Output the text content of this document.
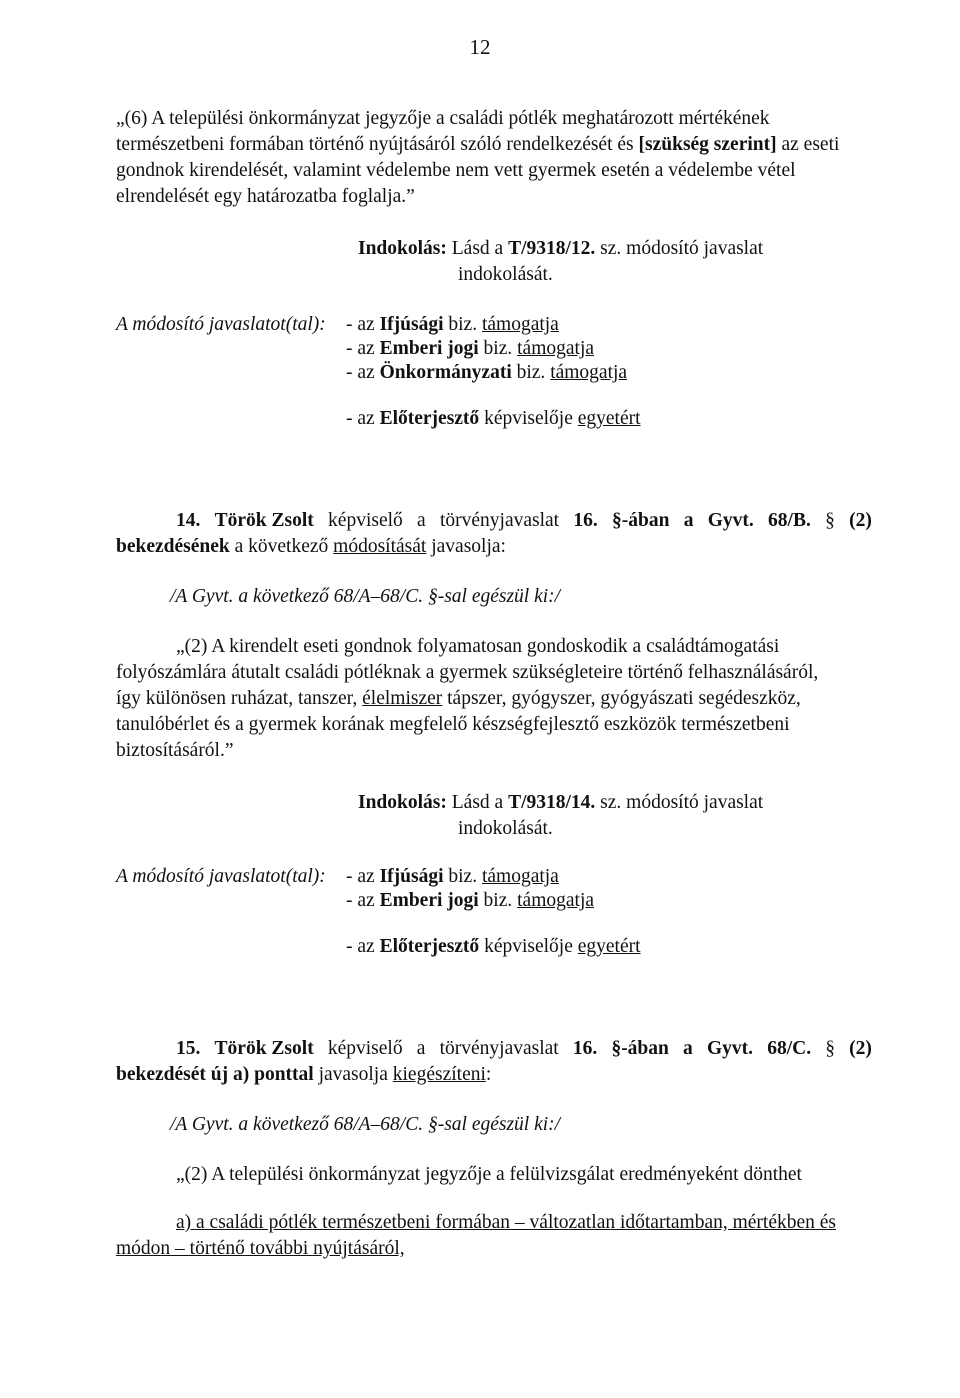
12
„(6) A települési önkormányzat jegyzője a családi pótlék meghatározott mértékének
természetbeni formában történő nyújtásáról szóló rendelkezését és [szükség szerint] az eseti
gondnok kirendelését, valamint védelembe nem vett gyermek esetén a védelembe vétel
elrendelését egy határozatba foglalja.”
Indokolás: Lásd a T/9318/12. sz. módosító javaslat
indokolását.
A módosító javaslatot(tal): - az Ifjúsági biz. támogatja
- az Emberi jogi biz. támogatja
- az Önkormányzati biz. támogatja
- az Előterjesztő képviselője egyetért
14. Török Zsolt képviselő a törvényjavaslat 16. §-ában a Gyvt. 68/B. § (2)
bekezdésének a következő módosítását javasolja:
/A Gyvt. a következő 68/A–68/C. §-sal egészül ki:/
„(2) A kirendelt eseti gondnok folyamatosan gondoskodik a családtámogatási
folyószámlára átutalt családi pótléknak a gyermek szükségleteire történő felhasználásáról,
így különösen ruházat, tanszer, élelmiszer tápszer, gyógyszer, gyógyászati segédeszköz,
tanulóbérlet és a gyermek korának megfelelő készségfejlesztő eszközök természetbeni
biztosításáról.”
Indokolás: Lásd a T/9318/14. sz. módosító javaslat
indokolását.
A módosító javaslatot(tal): - az Ifjúsági biz. támogatja
- az Emberi jogi biz. támogatja
- az Előterjesztő képviselője egyetért
15. Török Zsolt képviselő a törvényjavaslat 16. §-ában a Gyvt. 68/C. § (2)
bekezdését új a) ponttal javasolja kiegészíteni:
/A Gyvt. a következő 68/A–68/C. §-sal egészül ki:/
„(2) A települési önkormányzat jegyzője a felülvizsgálat eredményeként dönthet
a) a családi pótlék természetbeni formában – változatlan időtartamban, mértékben és
módon – történő további nyújtásáról,
